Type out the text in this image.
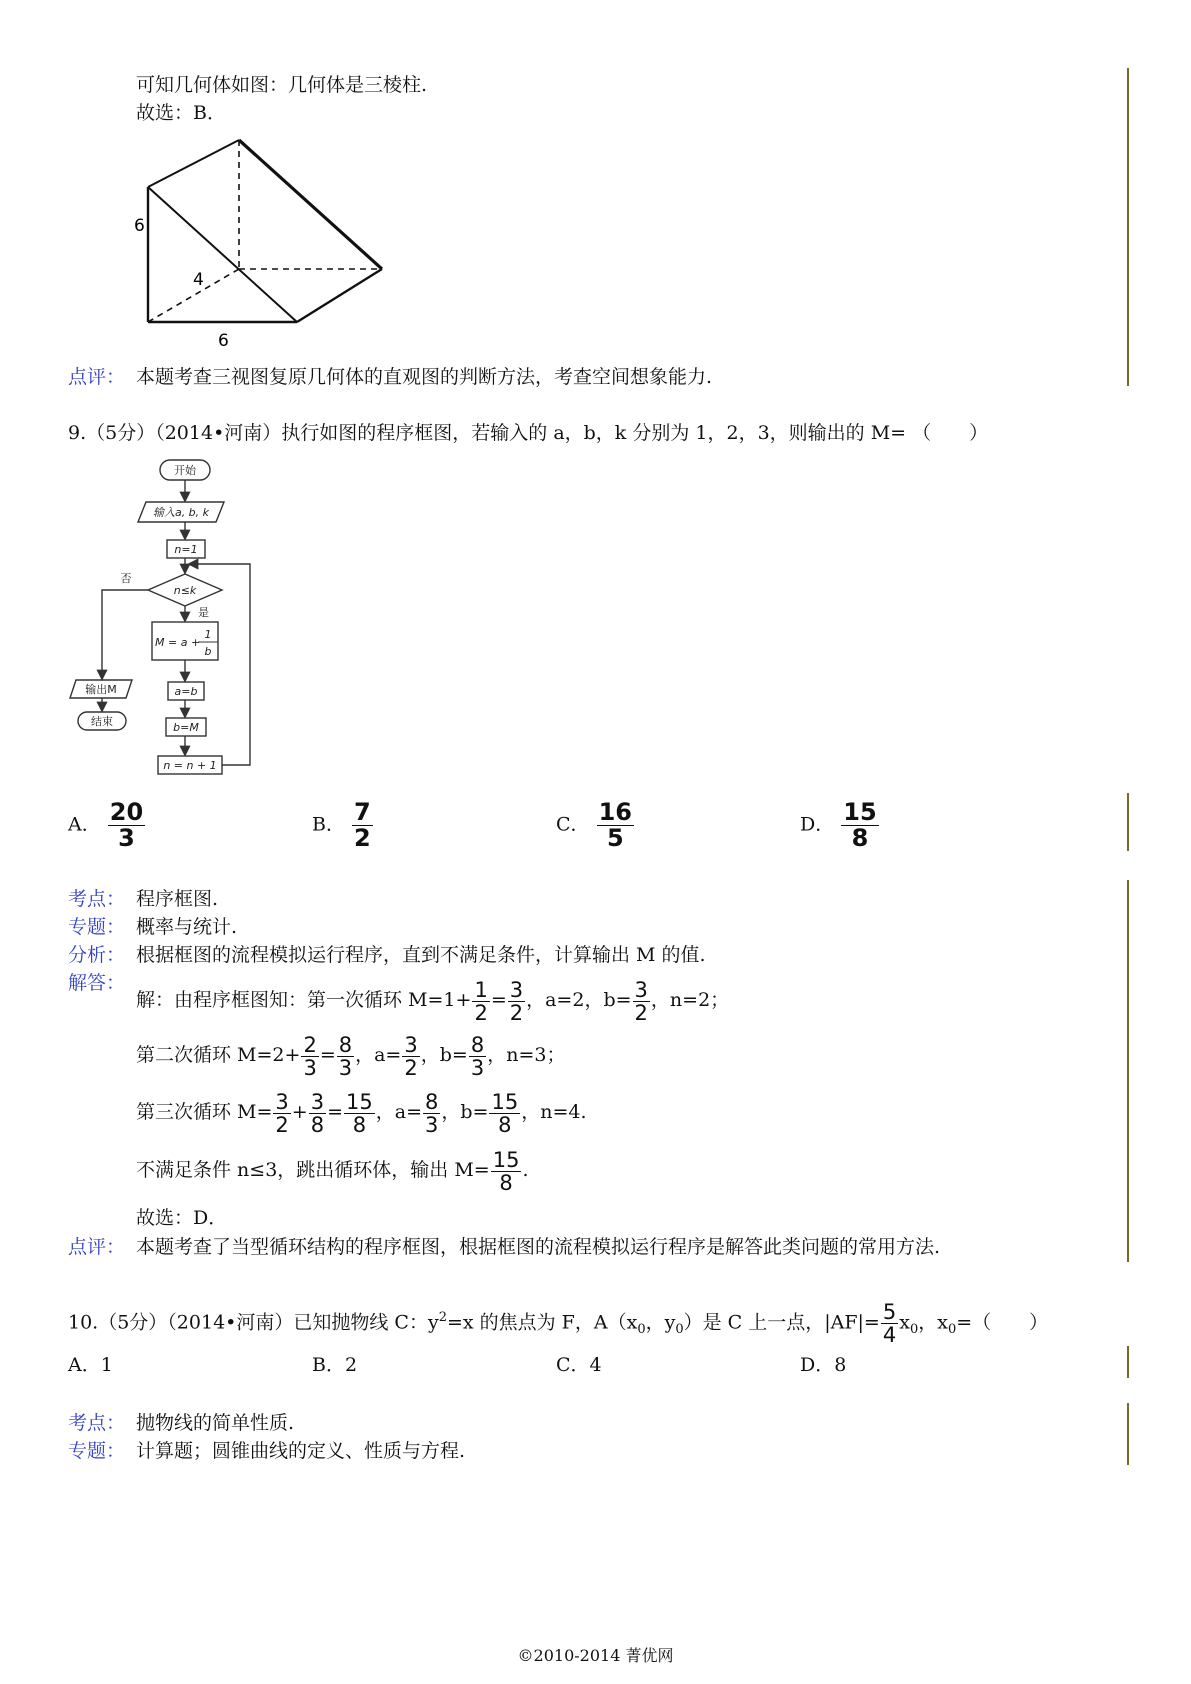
可知几何体如图：几何体是三棱柱.
故选：B．
6
4
6
点评： 本题考查三视图复原几何体的直观图的判断方法，考查空间想象能力.
9.（5分）（2014•河南）执行如图的程序框图，若输入的 a，b，k 分别为 1，2，3，则输出的 M= （　　）
开始
输入a, b, k
n=1
n≤k
否
是
M = a +
1
b
a=b
b=M
n = n + 1
输出M
结束
A． $\frac{20}{3}$	B． $\frac{7}{2}$	C． $\frac{16}{5}$	D． $\frac{15}{8}$
考点： 程序框图.
专题： 概率与统计.
分析： 根据框图的流程模拟运行程序，直到不满足条件，计算输出 M 的值.
解答：
解：由程序框图知：第一次循环 $M=1+ \frac{1}{2} = \frac{3}{2}$ ，a=2，$b= \frac{3}{2}$ ，n=2；
第二次循环 $M=2+ \frac{2}{3} = \frac{8}{3}$ ，$a= \frac{3}{2}$ ，$b= \frac{8}{3}$ ，n=3；
第三次循环 $M= \frac{3}{2} + \frac{3}{8} = \frac{15}{8}$ ，$a= \frac{8}{3}$ ，$b= \frac{15}{8}$ ，n=4.
不满足条件 n≤3，跳出循环体，输出 $M= \frac{15}{8}$ .
故选：D．
点评： 本题考查了当型循环结构的程序框图，根据框图的流程模拟运行程序是解答此类问题的常用方法.
10.（5分）（2014•河南）已知抛物线 C：$y^2=x$ 的焦点为 F，$A(x_0$，$y_0$）是 C 上一点，$|AF|= \frac{5}{4} x_0$，$x_0=$（　　）
A．1	B．2	C．4	D．8
考点： 抛物线的简单性质.
专题： 计算题；圆锥曲线的定义、性质与方程.
©2010-2014 菁优网
